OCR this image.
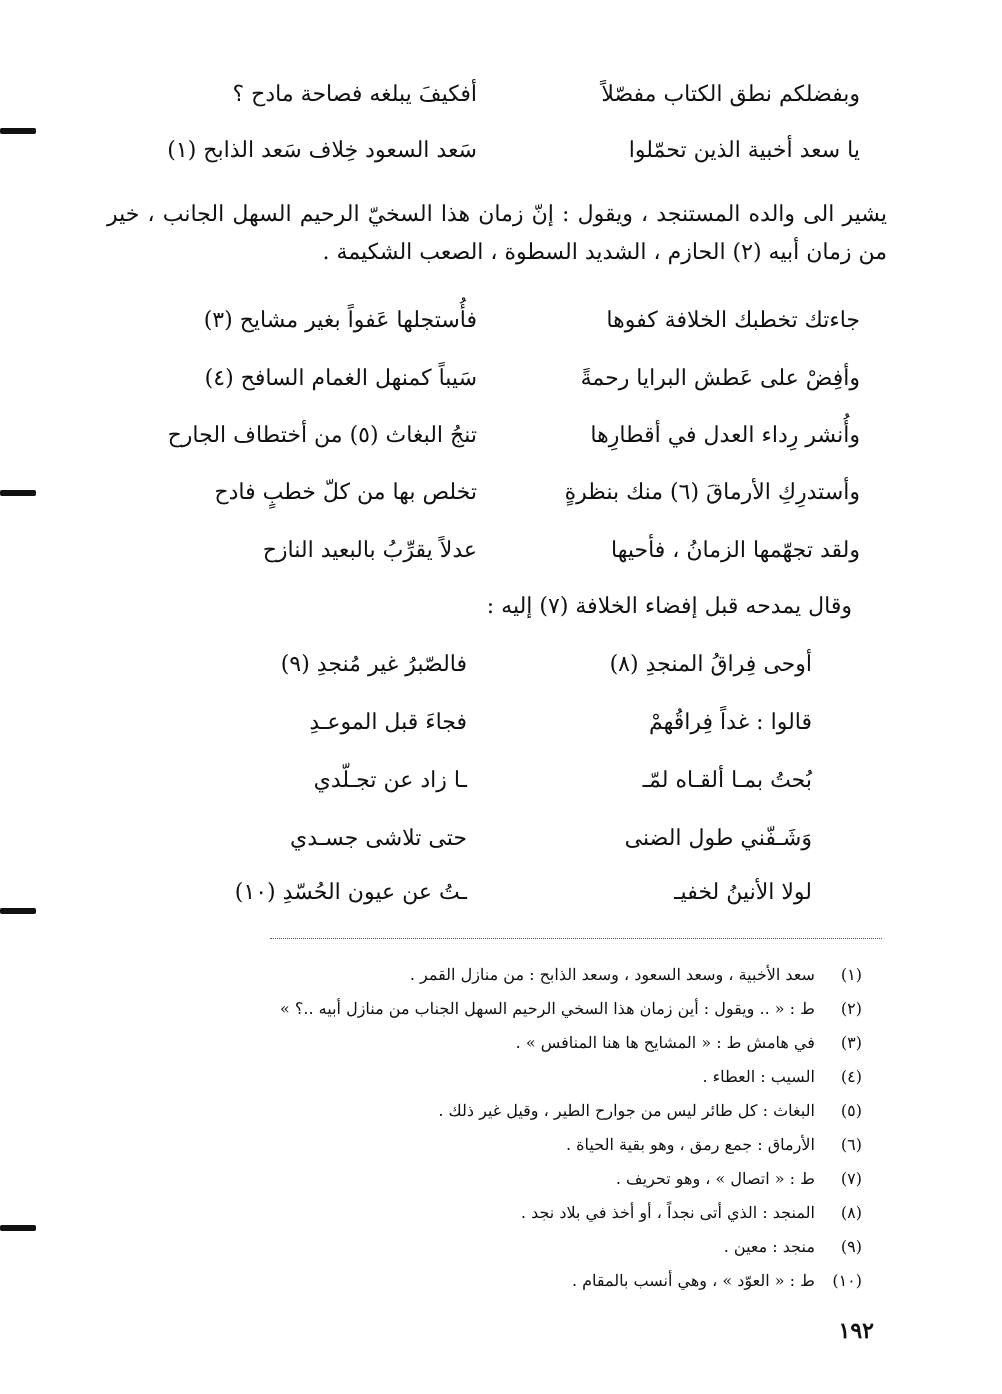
وبفضلكم نطق الكتاب مفصّلاً
أفكيفَ يبلغه فصاحة مادح ؟
يا سعد أخبية الذين تحمّلوا
سَعد السعود خِلاف سَعد الذابح (١)
يشير الى والده المستنجد ، ويقول : إنّ زمان هذا السخيّ الرحيم السهل الجانب ، خير من زمان أبيه (٢) الحازم ، الشديد السطوة ، الصعب الشكيمة .
جاءتك تخطبك الخلافة كفوها
فأُستجلها عَفواً بغير مشايح (٣)
وأفِضْ على عَطش البرايا رحمةً
سَيباً كمنهل الغمام السافح (٤)
وأُنشر رِداء العدل في أقطارِها
تنجُ البغاث (٥) من أختطاف الجارح
وأستدرِكِ الأرماقَ (٦) منك بنظرةٍ
تخلص بها من كلّ خطبٍ فادح
ولقد تجهّمها الزمانُ ، فأحيها
عدلاً يقرِّبُ بالبعيد النازح
وقال يمدحه قبل إفضاء الخلافة (٧) إليه :
أوحى فِراقُ المنجدِ (٨)
فالصّبرُ غير مُنجدِ (٩)
قالوا : غداً فِراقُهمْ
فجاءَ قبل الموعـدِ
بُحتُ بمـا ألقـاه لمّـ
ـا زاد عن تجـلّدي
وَشَـفّني طول الضنى
حتى تلاشى جسـدي
لولا الأنينُ لخفيـ
ـتُ عن عيون الحُسّدِ (١٠)
(١) سعد الأخبية ، وسعد السعود ، وسعد الذابح : من منازل القمر .
(٢) ط : « .. ويقول : أين زمان هذا السخي الرحيم السهل الجناب من منازل أبيه ..؟ »
(٣) في هامش ط : « المشايح ها هنا المنافس » .
(٤) السيب : العطاء .
(٥) البغاث : كل طائر ليس من جوارح الطير ، وقيل غير ذلك .
(٦) الأرماق : جمع رمق ، وهو بقية الحياة .
(٧) ط : « اتصال » ، وهو تحريف .
(٨) المنجد : الذي أتى نجداً ، أو أخذ في بلاد نجد .
(٩) منجد : معين .
(١٠) ط : « العوّد » ، وهي أنسب بالمقام .
١٩٢
